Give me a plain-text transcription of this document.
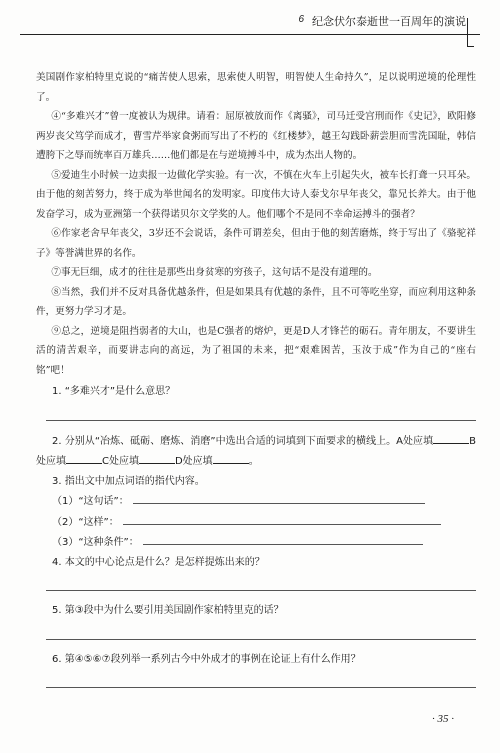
6 纪念伏尔泰逝世一百周年的演说

美国剧作家柏特里克说的“痛苦使人思索，思索使人明智，明智使人生命持久”，足以说明逆境的伦理性了。

④“多难兴才”曾一度被认为规律。请看：屈原被放而作《离骚》，司马迁受宫刑而作《史记》，欧阳修两岁丧父笃学而成才，曹雪芹举家食粥而写出了不朽的《红楼梦》，越王勾践卧薪尝胆而雪洗国耻，韩信遭胯下之辱而统率百万雄兵……他们都是在与逆境搏斗中，成为杰出人物的。

⑤爱迪生小时候一边卖报一边做化学实验。有一次，不慎在火车上引起失火，被车长打聋一只耳朵。由于他的刻苦努力，终于成为举世闻名的发明家。印度伟大诗人泰戈尔早年丧父，靠兄长养大。由于他发奋学习，成为亚洲第一个获得诺贝尔文学奖的人。他们哪个不是同不幸命运搏斗的强者？

⑥作家老舍早年丧父，3岁还不会说话，条件可谓差矣，但由于他的刻苦磨炼，终于写出了《骆驼祥子》等誉满世界的名作。

⑦事无巨细，成才的往往是那些出身贫寒的穷孩子，这句话不是没有道理的。

⑧当然，我们并不反对具备优越条件，但是如果具有优越的条件，且不可等吃坐穿，而应利用这种条件，更努力学习才是。

⑨总之，逆境是阻挡弱者的大山，也是C强者的熔炉，更是D人才锋芒的砺石。青年朋友，不要讲生活的清苦艰辛，而要讲志向的高远，为了祖国的未来，把“艰难困苦，玉汝于成”作为自己的“座右铭”吧！

1. “多难兴才”是什么意思？

2. 分别从“冶炼、砥砺、磨炼、消磨”中选出合适的词填到下面要求的横线上。A处应填	B处应填	C处应填	D处应填	。

3. 指出文中加点词语的指代内容。

（1）“这句话”：

（2）“这样”：

（3）“这种条件”：

4. 本文的中心论点是什么？是怎样提炼出来的？

5. 第③段中为什么要引用美国剧作家柏特里克的话？

6. 第④⑤⑥⑦段列举一系列古今中外成才的事例在论证上有什么作用？

· 35 ·
